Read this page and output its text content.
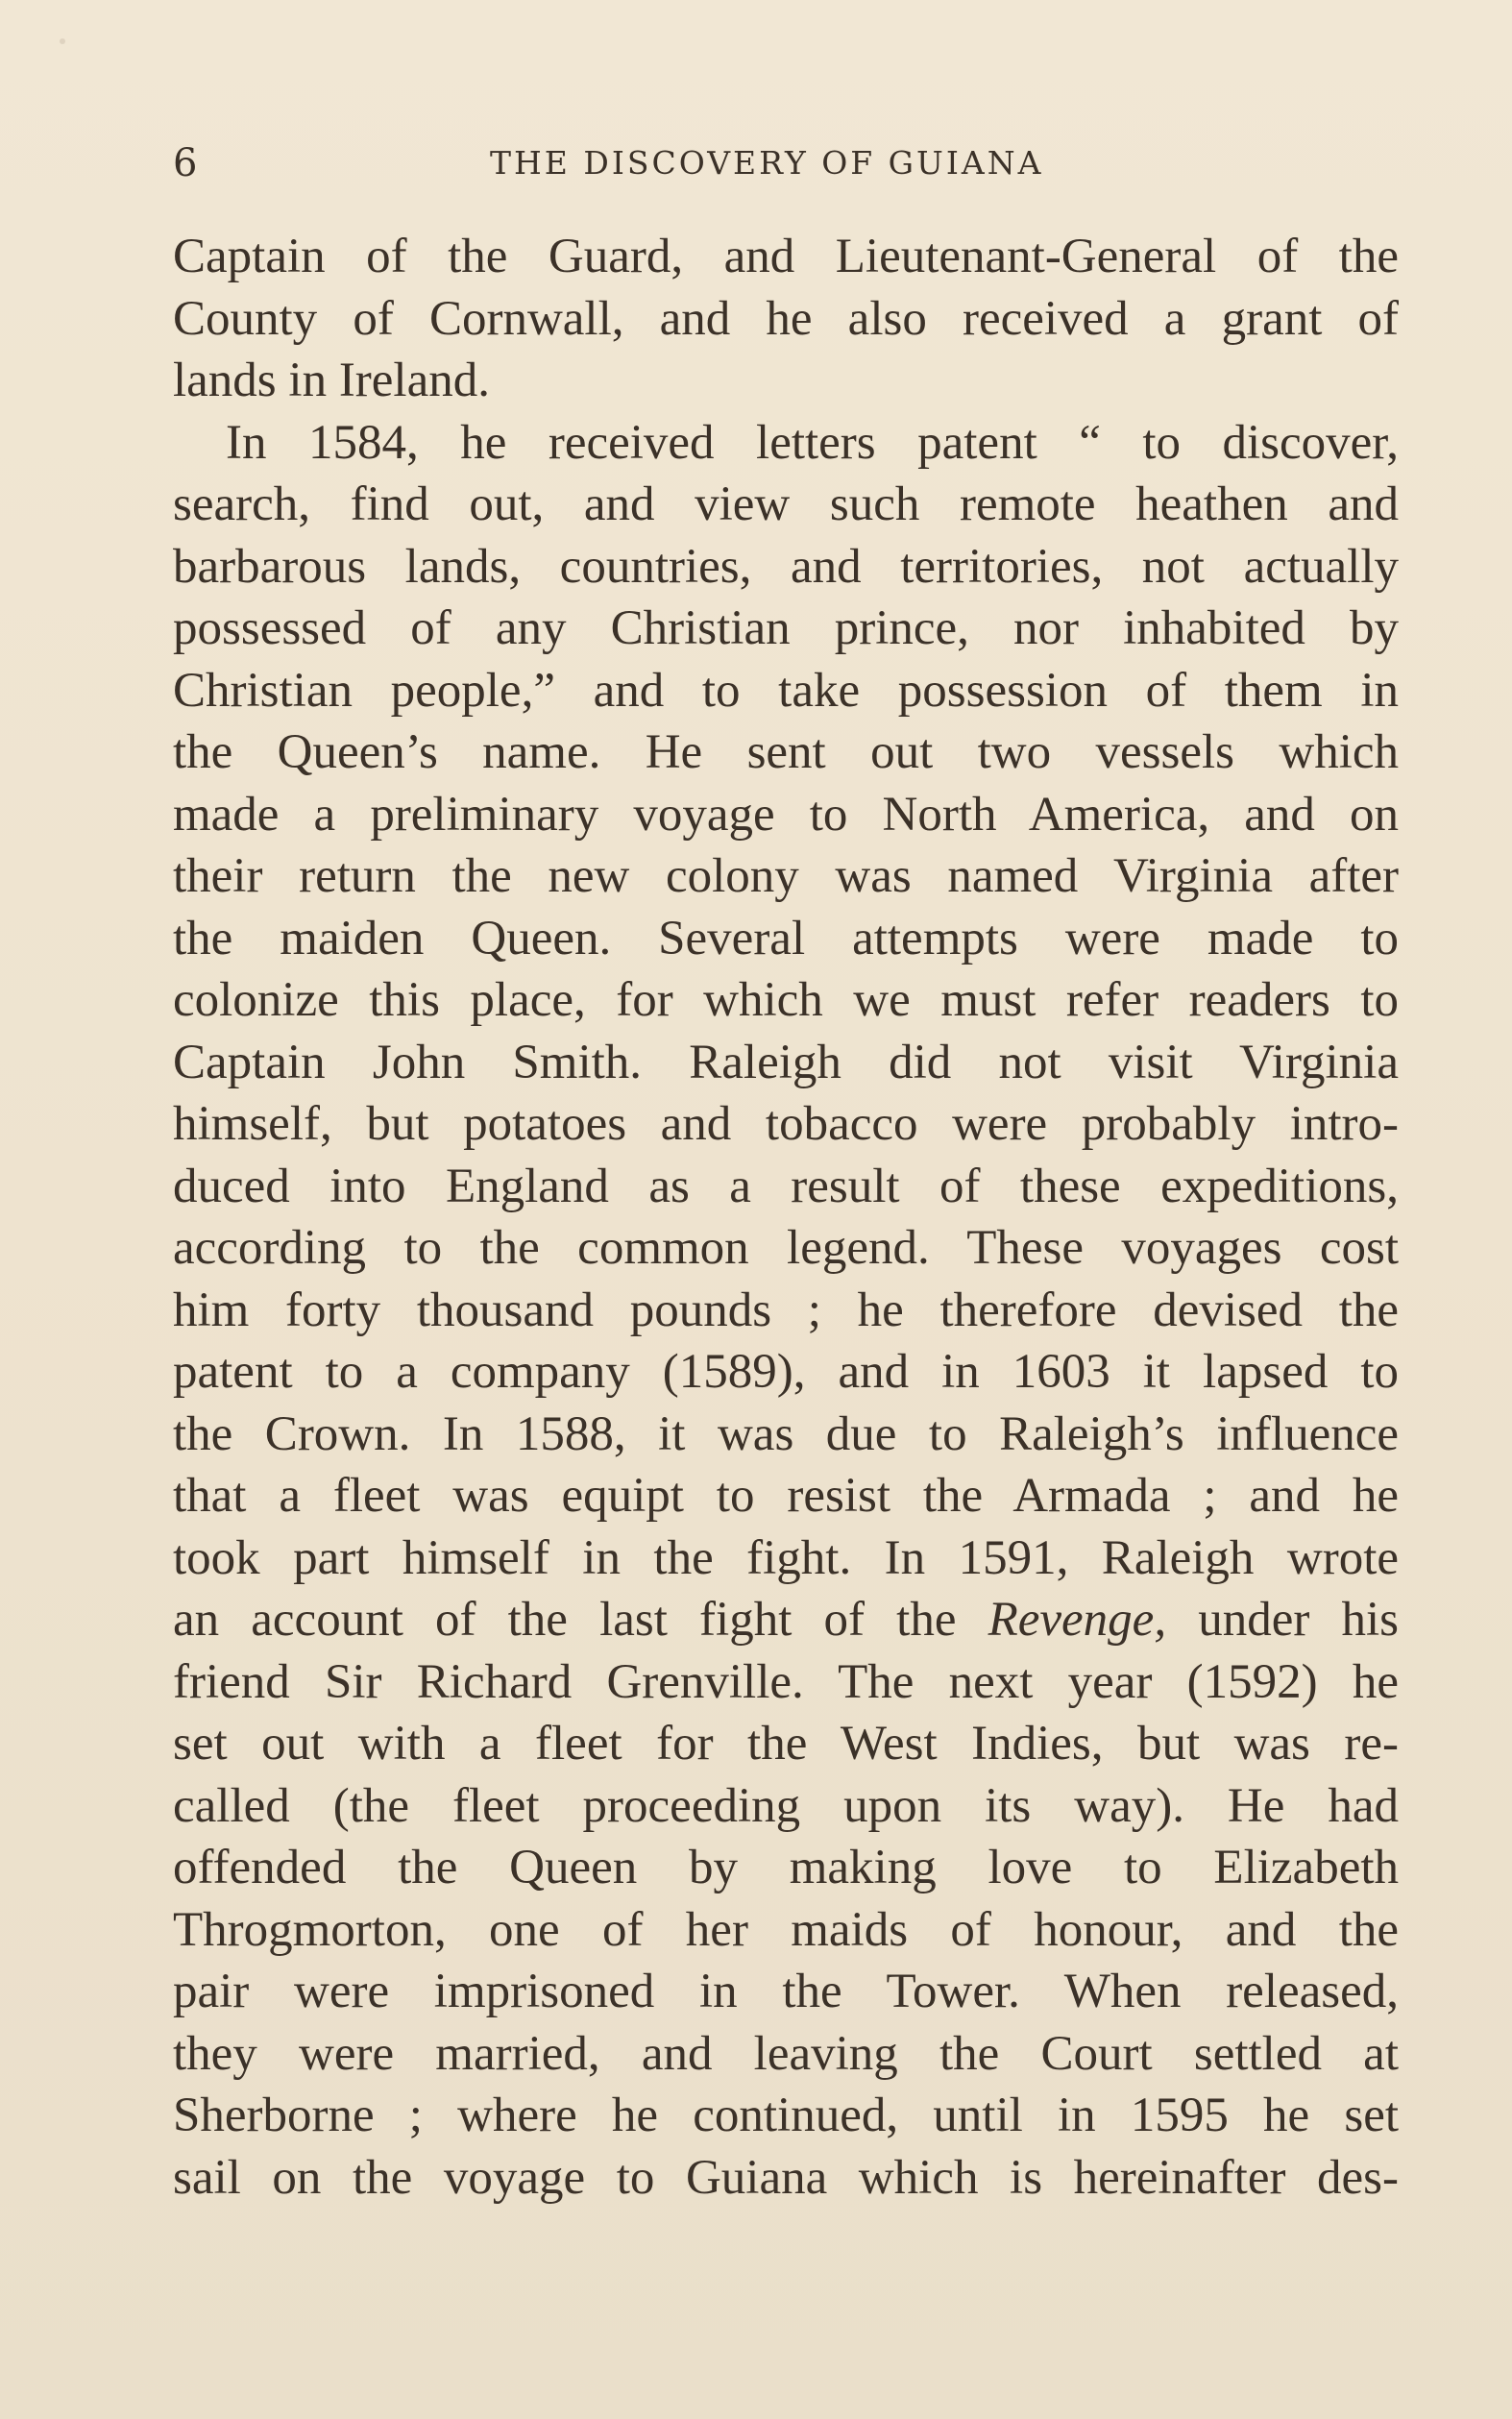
6	THE DISCOVERY OF GUIANA
Captain of the Guard, and Lieutenant-General of the
County of Cornwall, and he also received a grant of
lands in Ireland.
In 1584, he received letters patent “ to discover,
search, find out, and view such remote heathen and
barbarous lands, countries, and territories, not actually
possessed of any Christian prince, nor inhabited by
Christian people,” and to take possession of them in
the Queen’s name. He sent out two vessels which
made a preliminary voyage to North America, and on
their return the new colony was named Virginia after
the maiden Queen. Several attempts were made to
colonize this place, for which we must refer readers to
Captain John Smith. Raleigh did not visit Virginia
himself, but potatoes and tobacco were probably intro-
duced into England as a result of these expeditions,
according to the common legend. These voyages cost
him forty thousand pounds ; he therefore devised the
patent to a company (1589), and in 1603 it lapsed to
the Crown. In 1588, it was due to Raleigh’s influence
that a fleet was equipt to resist the Armada ; and he
took part himself in the fight. In 1591, Raleigh wrote
an account of the last fight of the Revenge, under his
friend Sir Richard Grenville. The next year (1592) he
set out with a fleet for the West Indies, but was re-
called (the fleet proceeding upon its way). He had
offended the Queen by making love to Elizabeth
Throgmorton, one of her maids of honour, and the
pair were imprisoned in the Tower. When released,
they were married, and leaving the Court settled at
Sherborne ; where he continued, until in 1595 he set
sail on the voyage to Guiana which is hereinafter des-
